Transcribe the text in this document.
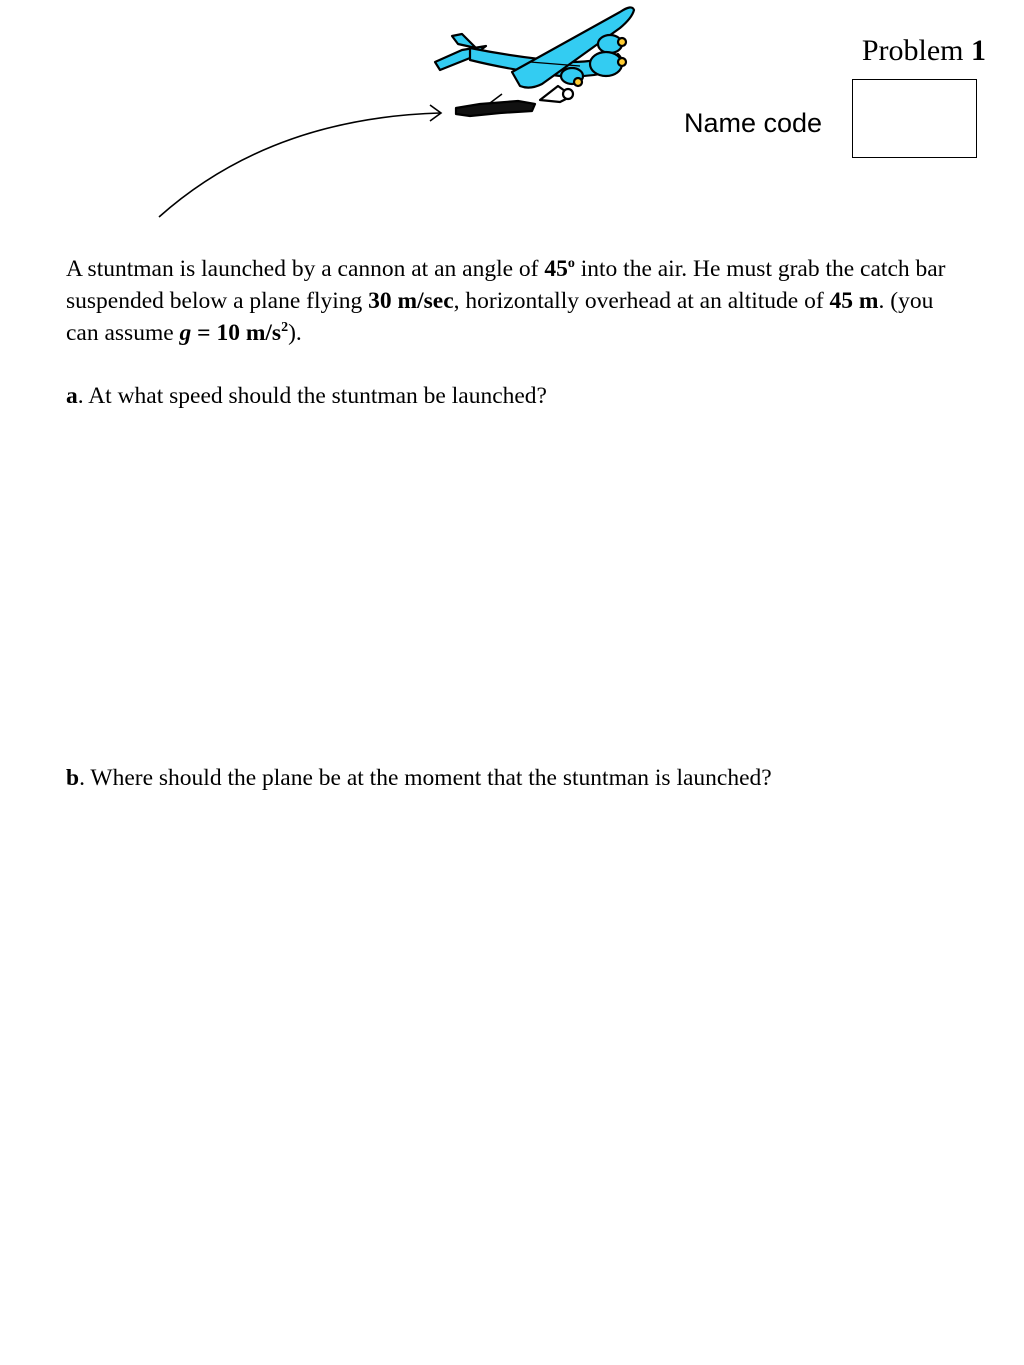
Problem 1
Name code

A stuntman is launched by a cannon at an angle of 45$^o$ into the air. He must grab the catch bar suspended below a plane flying 30 m/sec, horizontally overhead at an altitude of 45 m. (you can assume g = 10 $m/s^2$).

a. At what speed should the stuntman be launched?
b. Where should the plane be at the moment that the stuntman is launched?
